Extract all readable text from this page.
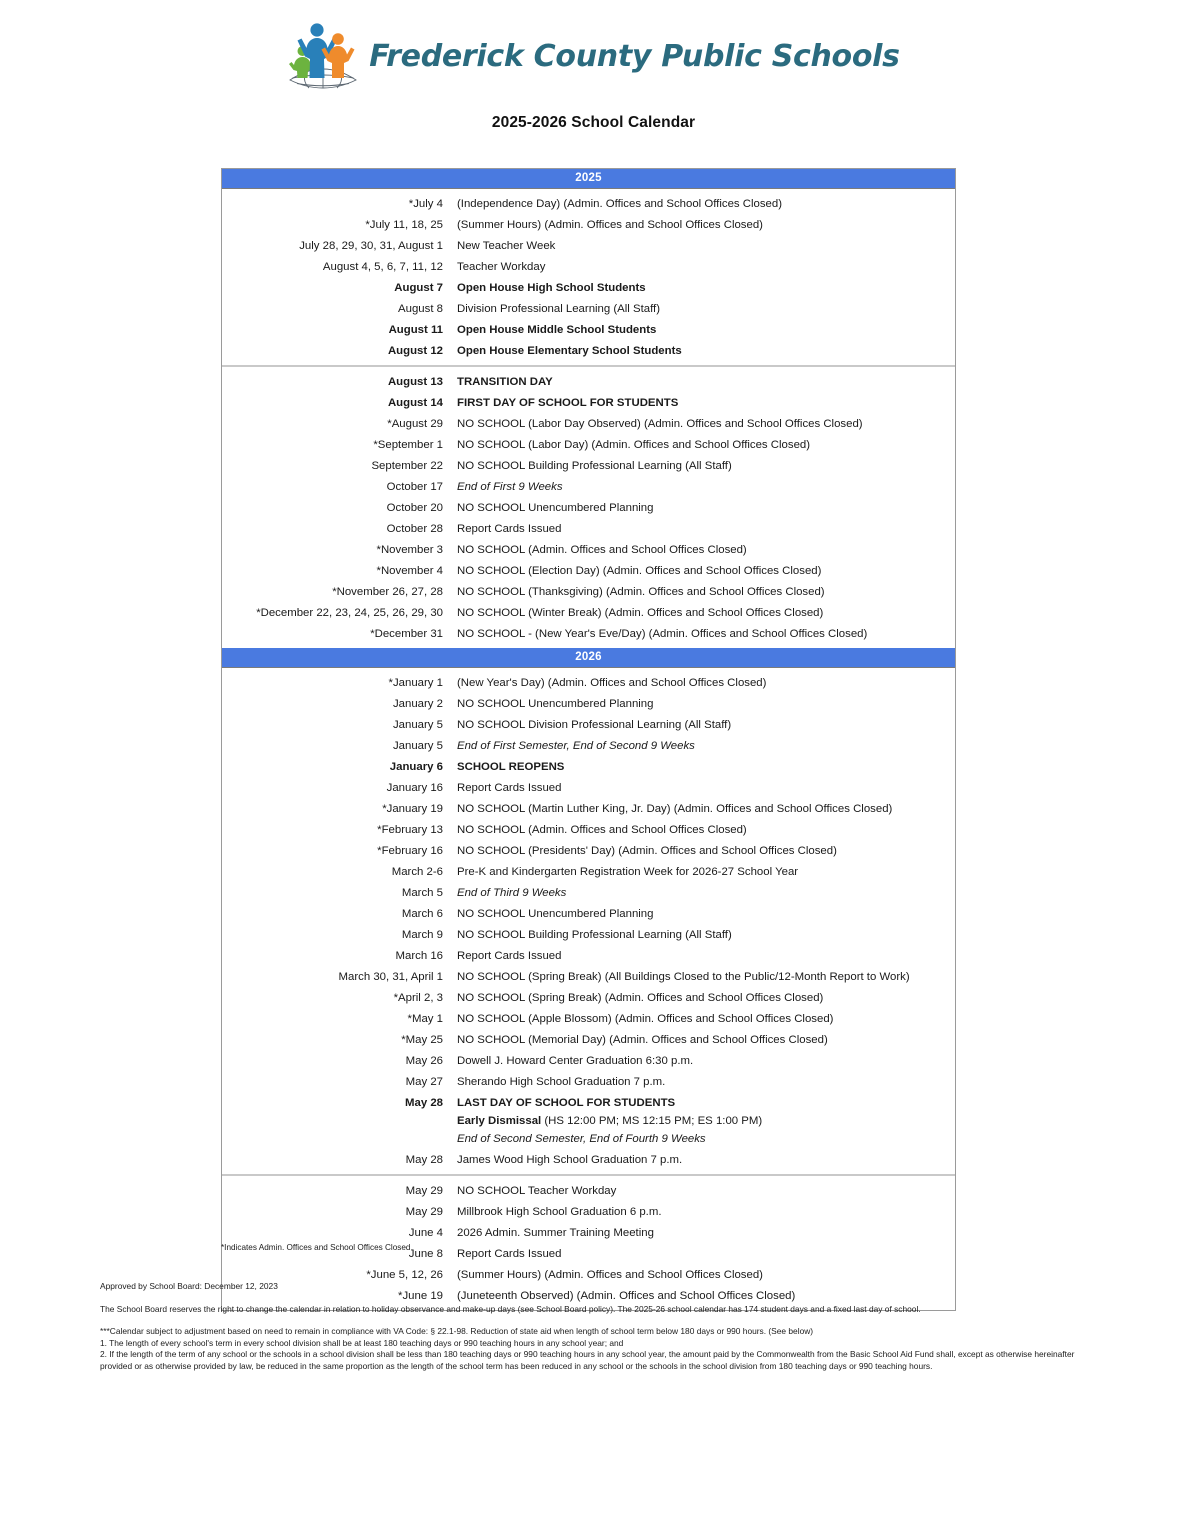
Frederick County Public Schools
2025-2026 School Calendar
2025
*July 4	(Independence Day) (Admin. Offices and School Offices Closed)
*July 11, 18, 25	(Summer Hours) (Admin. Offices and School Offices Closed)
July 28, 29, 30, 31, August 1	New Teacher Week
August 4, 5, 6, 7, 11, 12	Teacher Workday
August 7	Open House High School Students
August 8	Division Professional Learning (All Staff)
August 11	Open House Middle School Students
August 12	Open House Elementary School Students
August 13	TRANSITION DAY
August 14	FIRST DAY OF SCHOOL FOR STUDENTS
*August 29	NO SCHOOL (Labor Day Observed) (Admin. Offices and School Offices Closed)
*September 1	NO SCHOOL (Labor Day) (Admin. Offices and School Offices Closed)
September 22	NO SCHOOL Building Professional Learning (All Staff)
October 17	End of First 9 Weeks
October 20	NO SCHOOL Unencumbered Planning
October 28	Report Cards Issued
*November 3	NO SCHOOL (Admin. Offices and School Offices Closed)
*November 4	NO SCHOOL (Election Day) (Admin. Offices and School Offices Closed)
*November 26, 27, 28	NO SCHOOL (Thanksgiving) (Admin. Offices and School Offices Closed)
*December 22, 23, 24, 25, 26, 29, 30	NO SCHOOL (Winter Break) (Admin. Offices and School Offices Closed)
*December 31	NO SCHOOL - (New Year's Eve/Day) (Admin. Offices and School Offices Closed)
2026
*January 1	(New Year's Day) (Admin. Offices and School Offices Closed)
January 2	NO SCHOOL Unencumbered Planning
January 5	NO SCHOOL Division Professional Learning (All Staff)
January 5	End of First Semester, End of Second 9 Weeks
January 6	SCHOOL REOPENS
January 16	Report Cards Issued
*January 19	NO SCHOOL (Martin Luther King, Jr. Day) (Admin. Offices and School Offices Closed)
*February 13	NO SCHOOL (Admin. Offices and School Offices Closed)
*February 16	NO SCHOOL (Presidents' Day) (Admin. Offices and School Offices Closed)
March 2-6	Pre-K and Kindergarten Registration Week for 2026-27 School Year
March 5	End of Third 9 Weeks
March 6	NO SCHOOL Unencumbered Planning
March 9	NO SCHOOL Building Professional Learning (All Staff)
March 16	Report Cards Issued
March 30, 31, April 1	NO SCHOOL (Spring Break) (All Buildings Closed to the Public/12-Month Report to Work)
*April 2, 3	NO SCHOOL (Spring Break) (Admin. Offices and School Offices Closed)
*May 1	NO SCHOOL (Apple Blossom) (Admin. Offices and School Offices Closed)
*May 25	NO SCHOOL (Memorial Day) (Admin. Offices and School Offices Closed)
May 26	Dowell J. Howard Center Graduation 6:30 p.m.
May 27	Sherando High School Graduation 7 p.m.
May 28	LAST DAY OF SCHOOL FOR STUDENTS
Early Dismissal (HS 12:00 PM; MS 12:15 PM; ES 1:00 PM)
End of Second Semester, End of Fourth 9 Weeks
May 28	James Wood High School Graduation 7 p.m.
May 29	NO SCHOOL Teacher Workday
May 29	Millbrook High School Graduation 6 p.m.
June 4	2026 Admin. Summer Training Meeting
June 8	Report Cards Issued
*June 5, 12, 26	(Summer Hours) (Admin. Offices and School Offices Closed)
*June 19	(Juneteenth Observed) (Admin. Offices and School Offices Closed)
*Indicates Admin. Offices and School Offices Closed

Approved by School Board: December 12, 2023

The School Board reserves the right to change the calendar in relation to holiday observance and make-up days (see School Board policy). The 2025-26 school calendar has 174 student days and a fixed last day of school.

***Calendar subject to adjustment based on need to remain in compliance with VA Code: § 22.1-98. Reduction of state aid when length of school term below 180 days or 990 hours. (See below)

1. The length of every school's term in every school division shall be at least 180 teaching days or 990 teaching hours in any school year; and

2. If the length of the term of any school or the schools in a school division shall be less than 180 teaching days or 990 teaching hours in any school year, the amount paid by the Commonwealth from the Basic School Aid Fund shall, except as otherwise hereinafter provided or as otherwise provided by law, be reduced in the same proportion as the length of the school term has been reduced in any school or the schools in the school division from 180 teaching days or 990 teaching hours.
